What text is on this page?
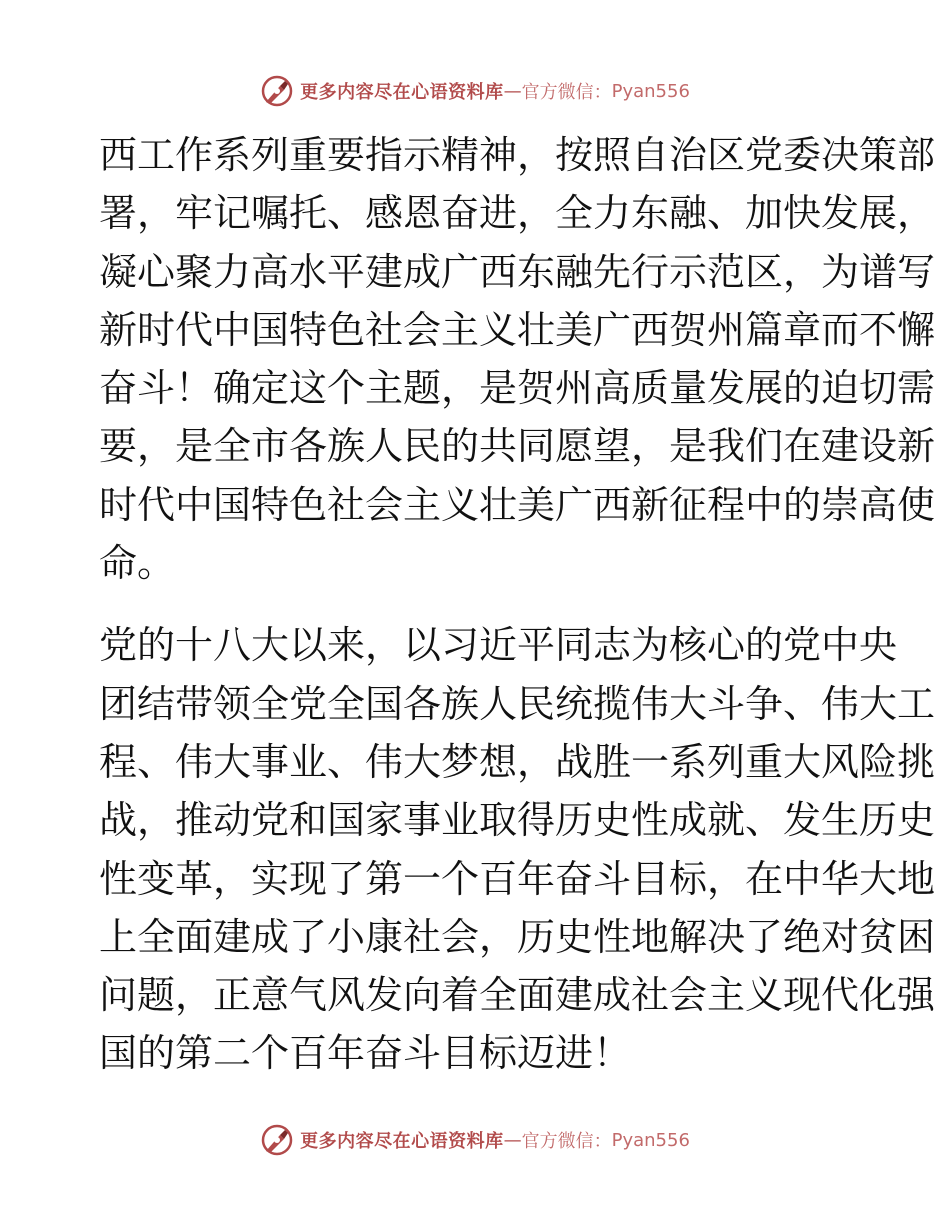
更多内容尽在心语资料库 — 官方微信： Pyan556

西工作系列重要指示精神，按照自治区党委决策部
署，牢记嘱托、感恩奋进，全力东融、加快发展，
凝心聚力高水平建成广西东融先行示范区，为谱写
新时代中国特色社会主义壮美广西贺州篇章而不懈
奋斗！确定这个主题，是贺州高质量发展的迫切需
要，是全市各族人民的共同愿望，是我们在建设新
时代中国特色社会主义壮美广西新征程中的崇高使
命。

党的十八大以来，以习近平同志为核心的党中央
团结带领全党全国各族人民统揽伟大斗争、伟大工
程、伟大事业、伟大梦想，战胜一系列重大风险挑
战，推动党和国家事业取得历史性成就、发生历史
性变革，实现了第一个百年奋斗目标，在中华大地
上全面建成了小康社会，历史性地解决了绝对贫困
问题，正意气风发向着全面建成社会主义现代化强
国的第二个百年奋斗目标迈进！

更多内容尽在心语资料库 — 官方微信： Pyan556
